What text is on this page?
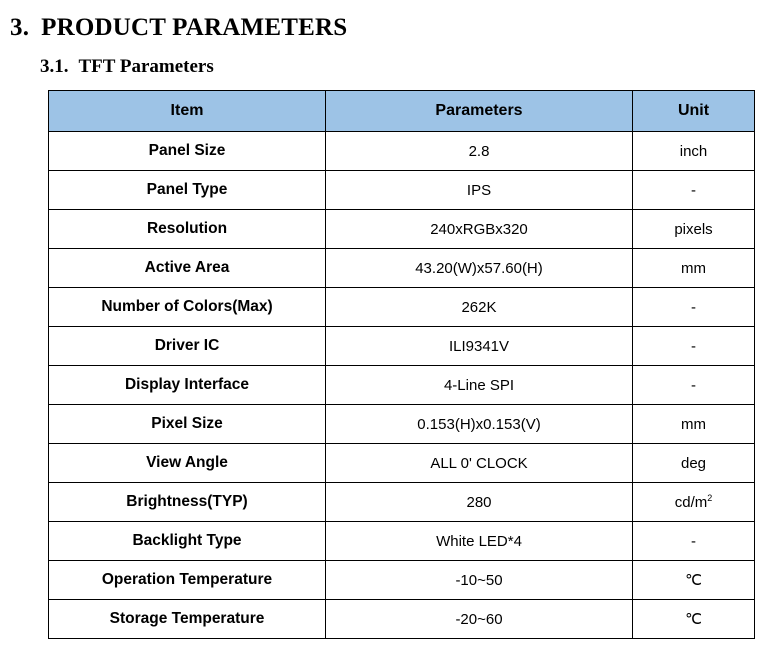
3. PRODUCT PARAMETERS
3.1. TFT Parameters
Item	Parameters	Unit
Panel Size	2.8	inch
Panel Type	IPS	-
Resolution	240xRGBx320	pixels
Active Area	43.20(W)x57.60(H)	mm
Number of Colors(Max)	262K	-
Driver IC	ILI9341V	-
Display Interface	4-Line SPI	-
Pixel Size	0.153(H)x0.153(V)	mm
View Angle	ALL 0' CLOCK	deg
Brightness(TYP)	280	$cd/m^2$
Backlight Type	White LED*4	-
Operation Temperature	-10~50	℃
Storage Temperature	-20~60	℃
